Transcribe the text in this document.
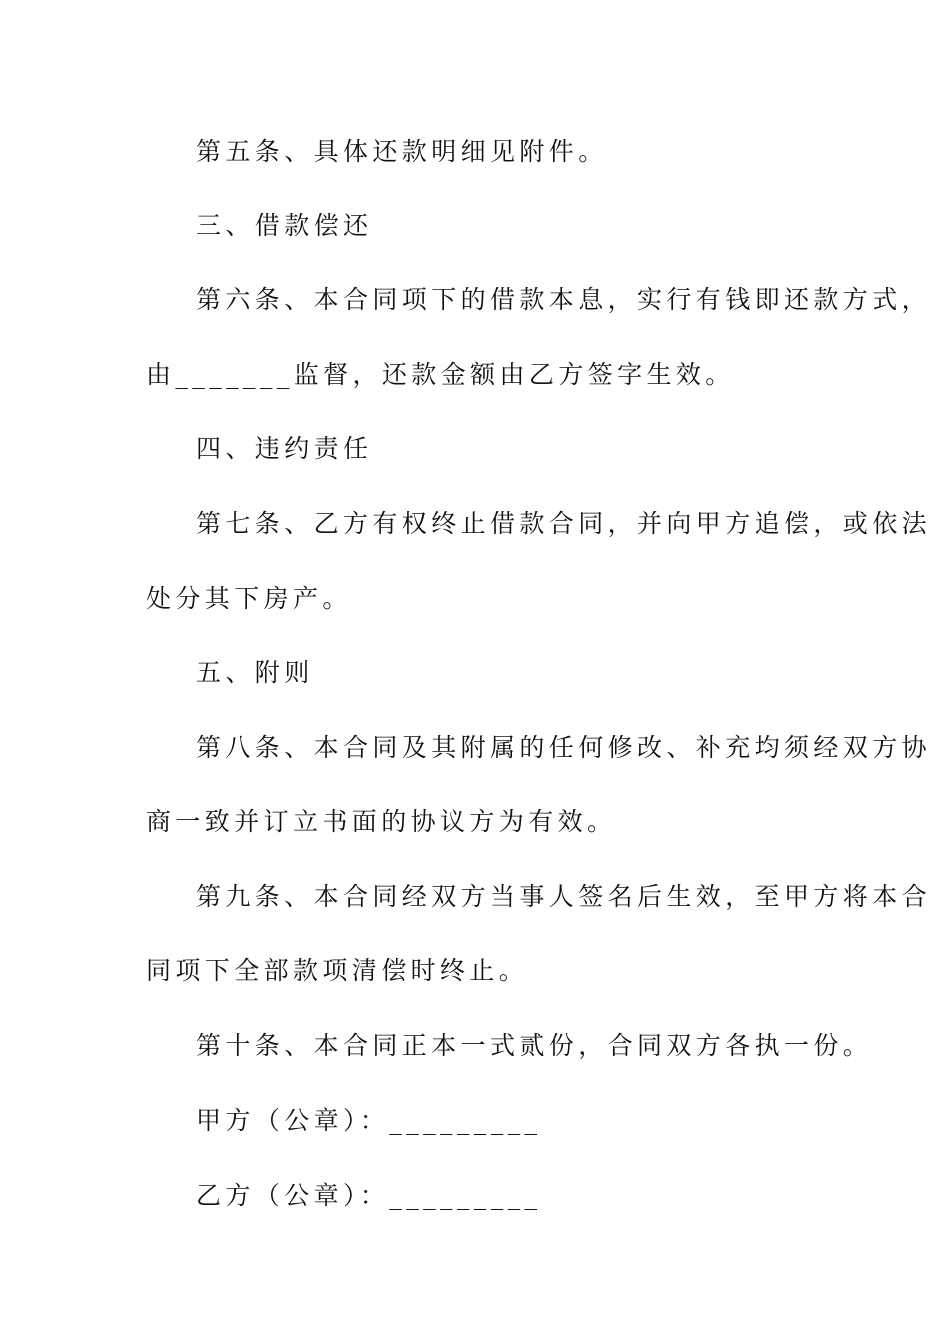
第五条、具体还款明细见附件。
三、借款偿还
第六条、本合同项下的借款本息，实行有钱即还款方式，
由_______监督，还款金额由乙方签字生效。
四、违约责任
第七条、乙方有权终止借款合同，并向甲方追偿，或依法
处分其下房产。
五、附则
第八条、本合同及其附属的任何修改、补充均须经双方协
商一致并订立书面的协议方为有效。
第九条、本合同经双方当事人签名后生效，至甲方将本合
同项下全部款项清偿时终止。
第十条、本合同正本一式贰份，合同双方各执一份。
甲方（公章）：_________
乙方（公章）：_________
